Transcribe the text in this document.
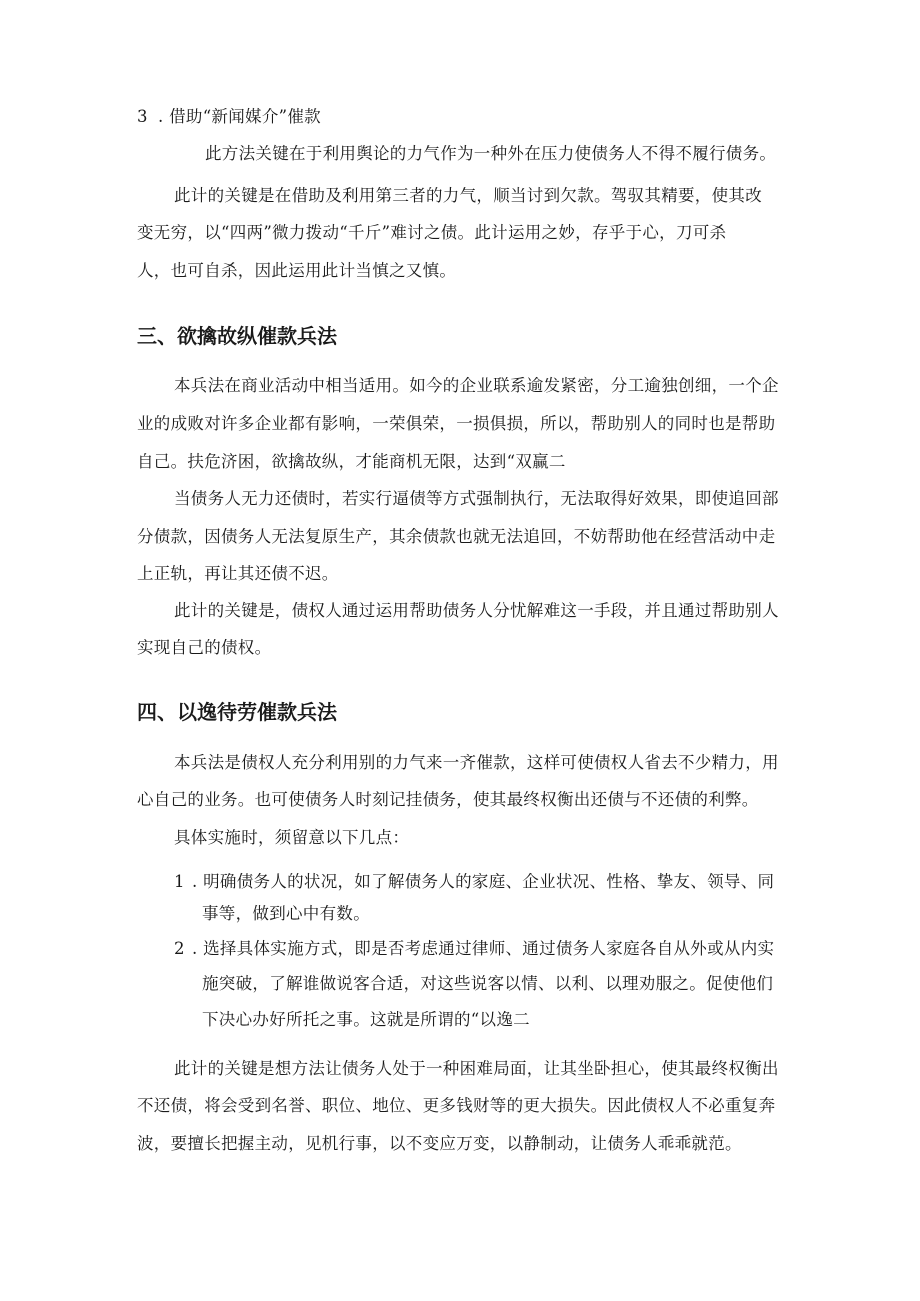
3 . 借助“新闻媒介”催款
此方法关键在于利用舆论的力气作为一种外在压力使债务人不得不履行债务。
此计的关键是在借助及利用第三者的力气，顺当讨到欠款。驾驭其精要，使其改
变无穷，以“四两”微力拨动“千斤”难讨之债。此计运用之妙，存乎于心，刀可杀
人，也可自杀，因此运用此计当慎之又慎。
三、欲擒故纵催款兵法
本兵法在商业活动中相当适用。如今的企业联系逾发紧密，分工逾独创细，一个企
业的成败对许多企业都有影响，一荣俱荣，一损俱损，所以，帮助别人的同时也是帮助
自己。扶危济困，欲擒故纵，才能商机无限，达到“双赢二
当债务人无力还债时，若实行逼债等方式强制执行，无法取得好效果，即使追回部
分债款，因债务人无法复原生产，其余债款也就无法追回，不妨帮助他在经营活动中走
上正轨，再让其还债不迟。
此计的关键是，债权人通过运用帮助债务人分忧解难这一手段，并且通过帮助别人
实现自己的债权。
四、以逸待劳催款兵法
本兵法是债权人充分利用别的力气来一齐催款，这样可使债权人省去不少精力，用
心自己的业务。也可使债务人时刻记挂债务，使其最终权衡出还债与不还债的利弊。
具体实施时，须留意以下几点：
1 . 明确债务人的状况，如了解债务人的家庭、企业状况、性格、挚友、领导、同
事等，做到心中有数。
2 . 选择具体实施方式，即是否考虑通过律师、通过债务人家庭各自从外或从内实
施突破，了解谁做说客合适，对这些说客以情、以利、以理劝服之。促使他们
下决心办好所托之事。这就是所谓的“以逸二
此计的关键是想方法让债务人处于一种困难局面，让其坐卧担心，使其最终权衡出
不还债，将会受到名誉、职位、地位、更多钱财等的更大损失。因此债权人不必重复奔
波，要擅长把握主动，见机行事，以不变应万变，以静制动，让债务人乖乖就范。
